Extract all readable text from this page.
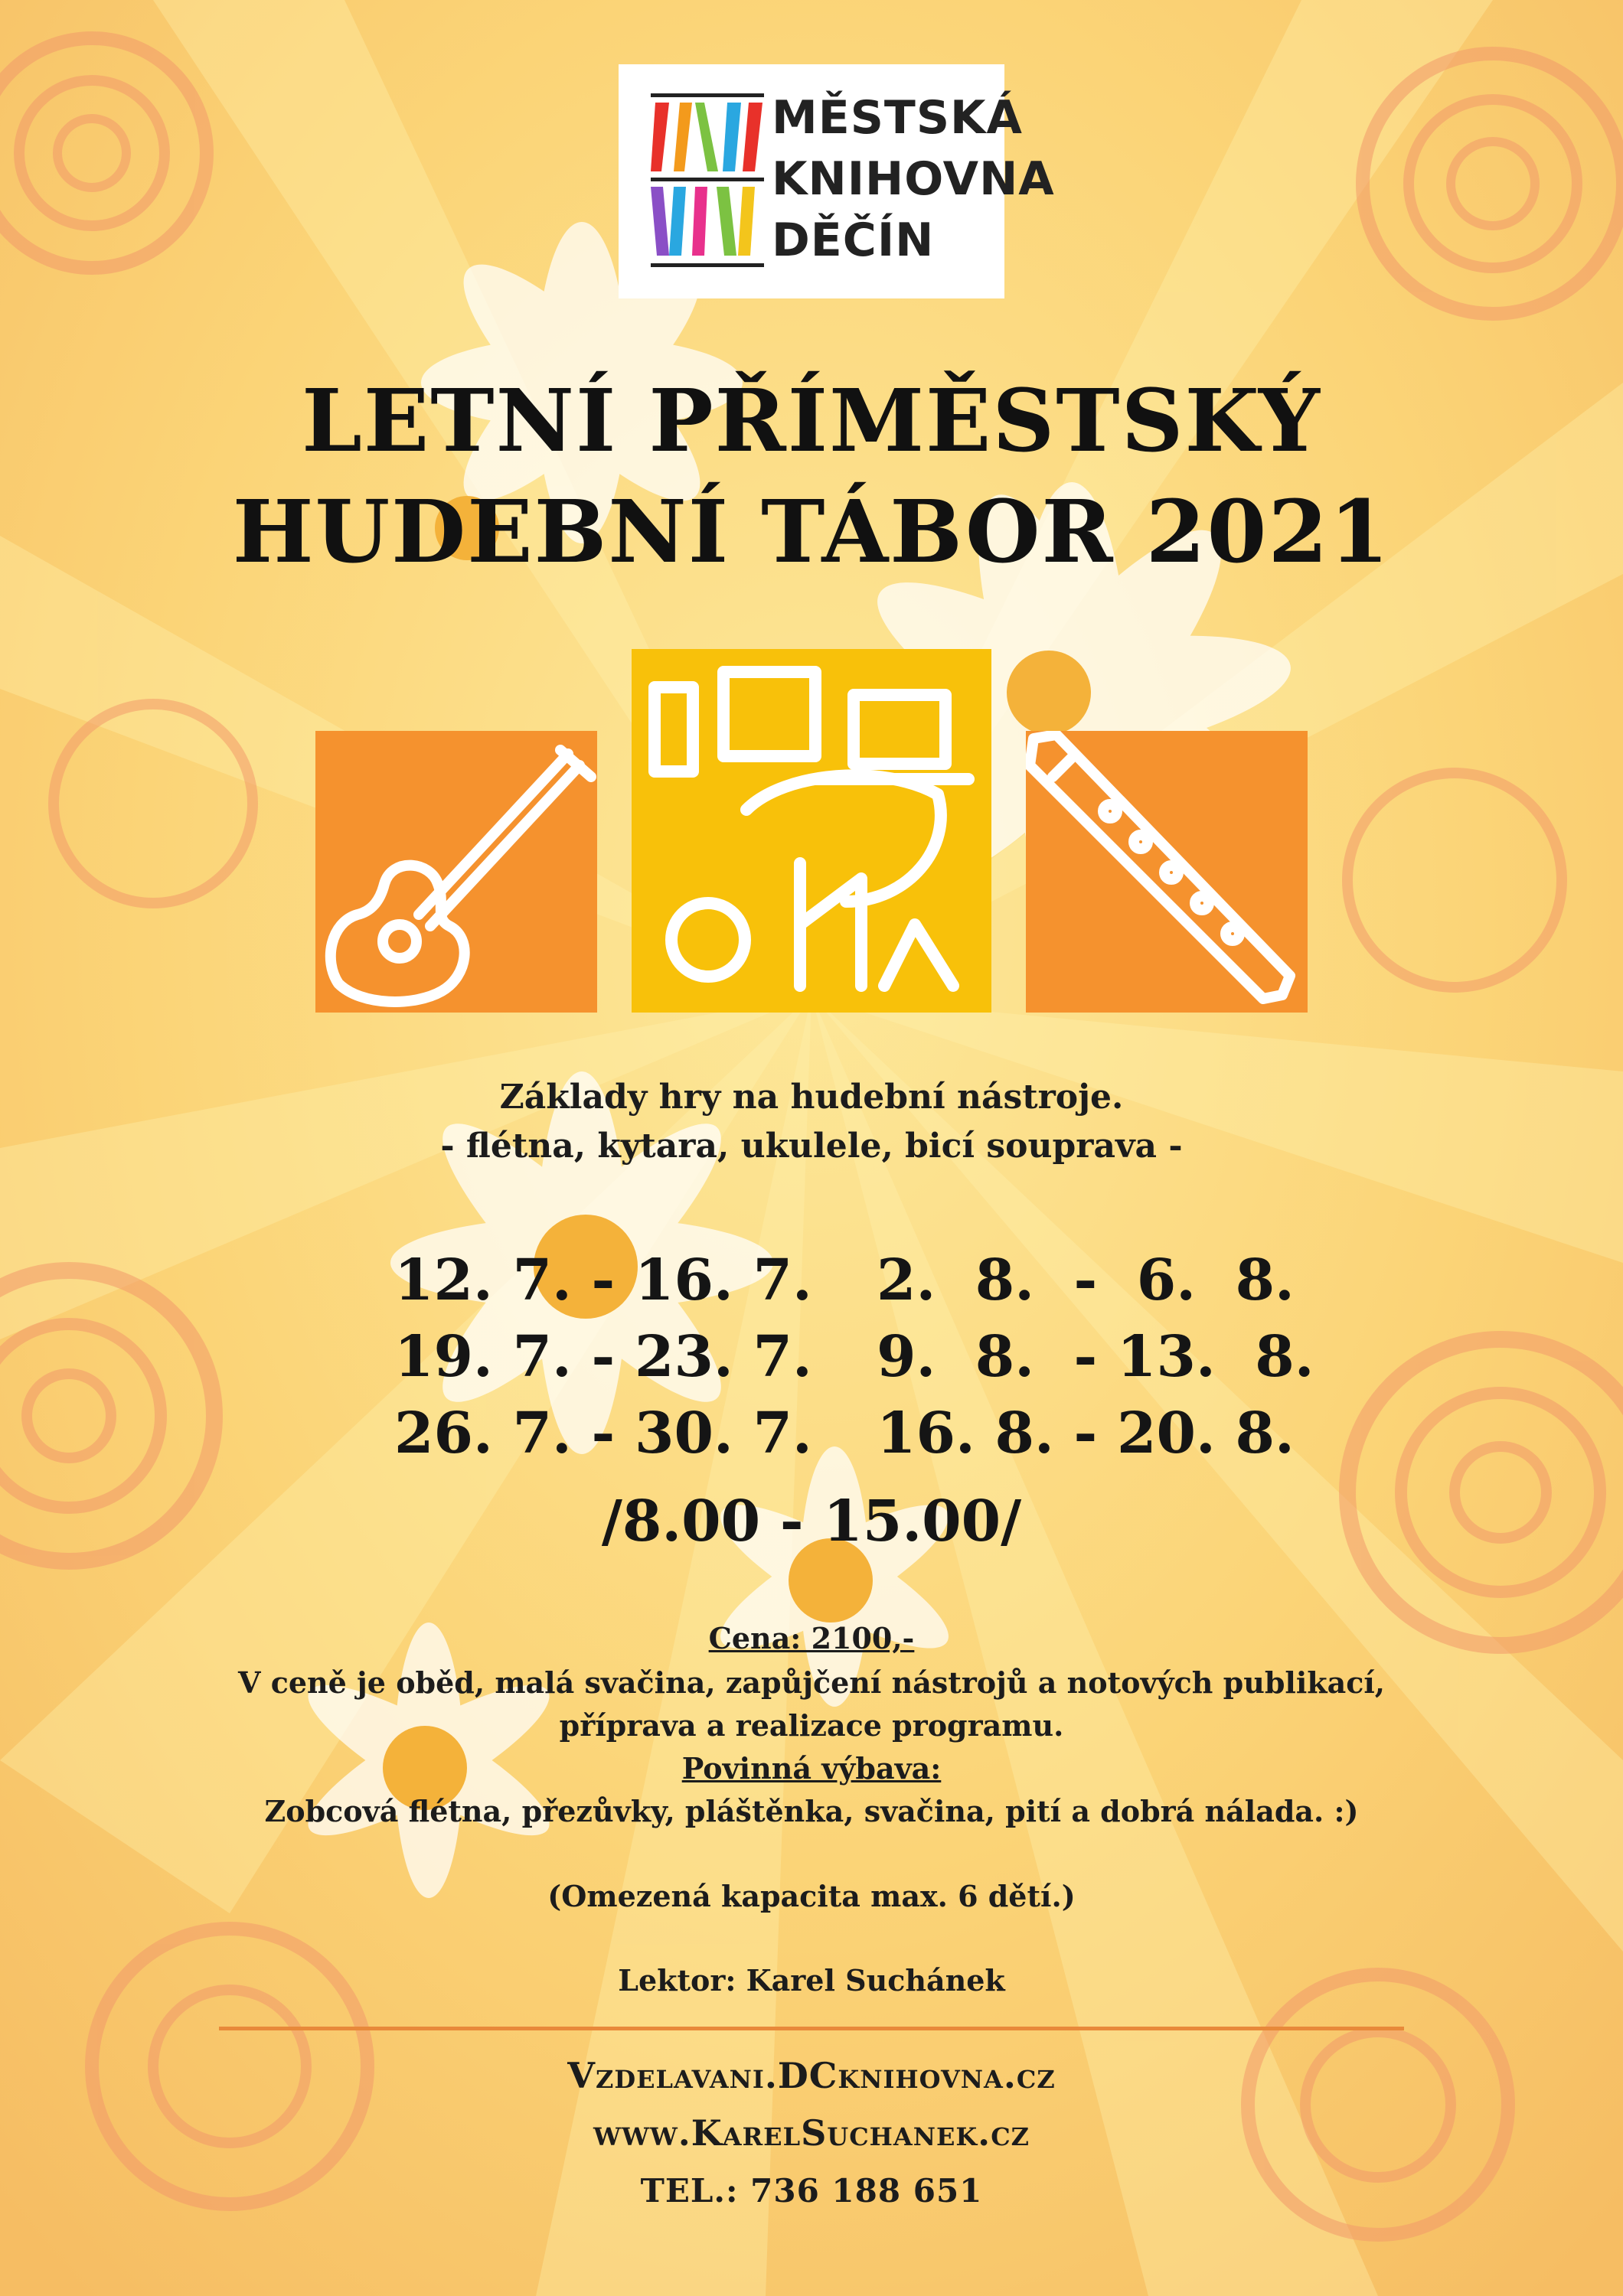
MĚSTSKÁ
KNIHOVNA
DĚČÍN
LETNÍ PŘÍMĚSTSKÝ
HUDEBNÍ TÁBOR 2021
Základy hry na hudební nástroje.
- flétna, kytara, ukulele, bicí souprava -
12. 7. - 16. 7.
19. 7. - 23. 7.
26. 7. - 30. 7.
2.  8.  -  6.  8.
9.  8.  - 13.  8.
16. 8. - 20. 8.
/8.00 - 15.00/
Cena: 2100,-
V ceně je oběd, malá svačina, zapůjčení nástrojů a notových publikací,
příprava a realizace programu.
Povinná výbava:
Zobcová flétna, přezůvky, pláštěnka, svačina, pití a dobrá nálada. :)
(Omezená kapacita max. 6 dětí.)
Lektor: Karel Suchánek
Vzdelavani.DCknihovna.cz
www.KarelSuchanek.cz
TEL.: 736 188 651
